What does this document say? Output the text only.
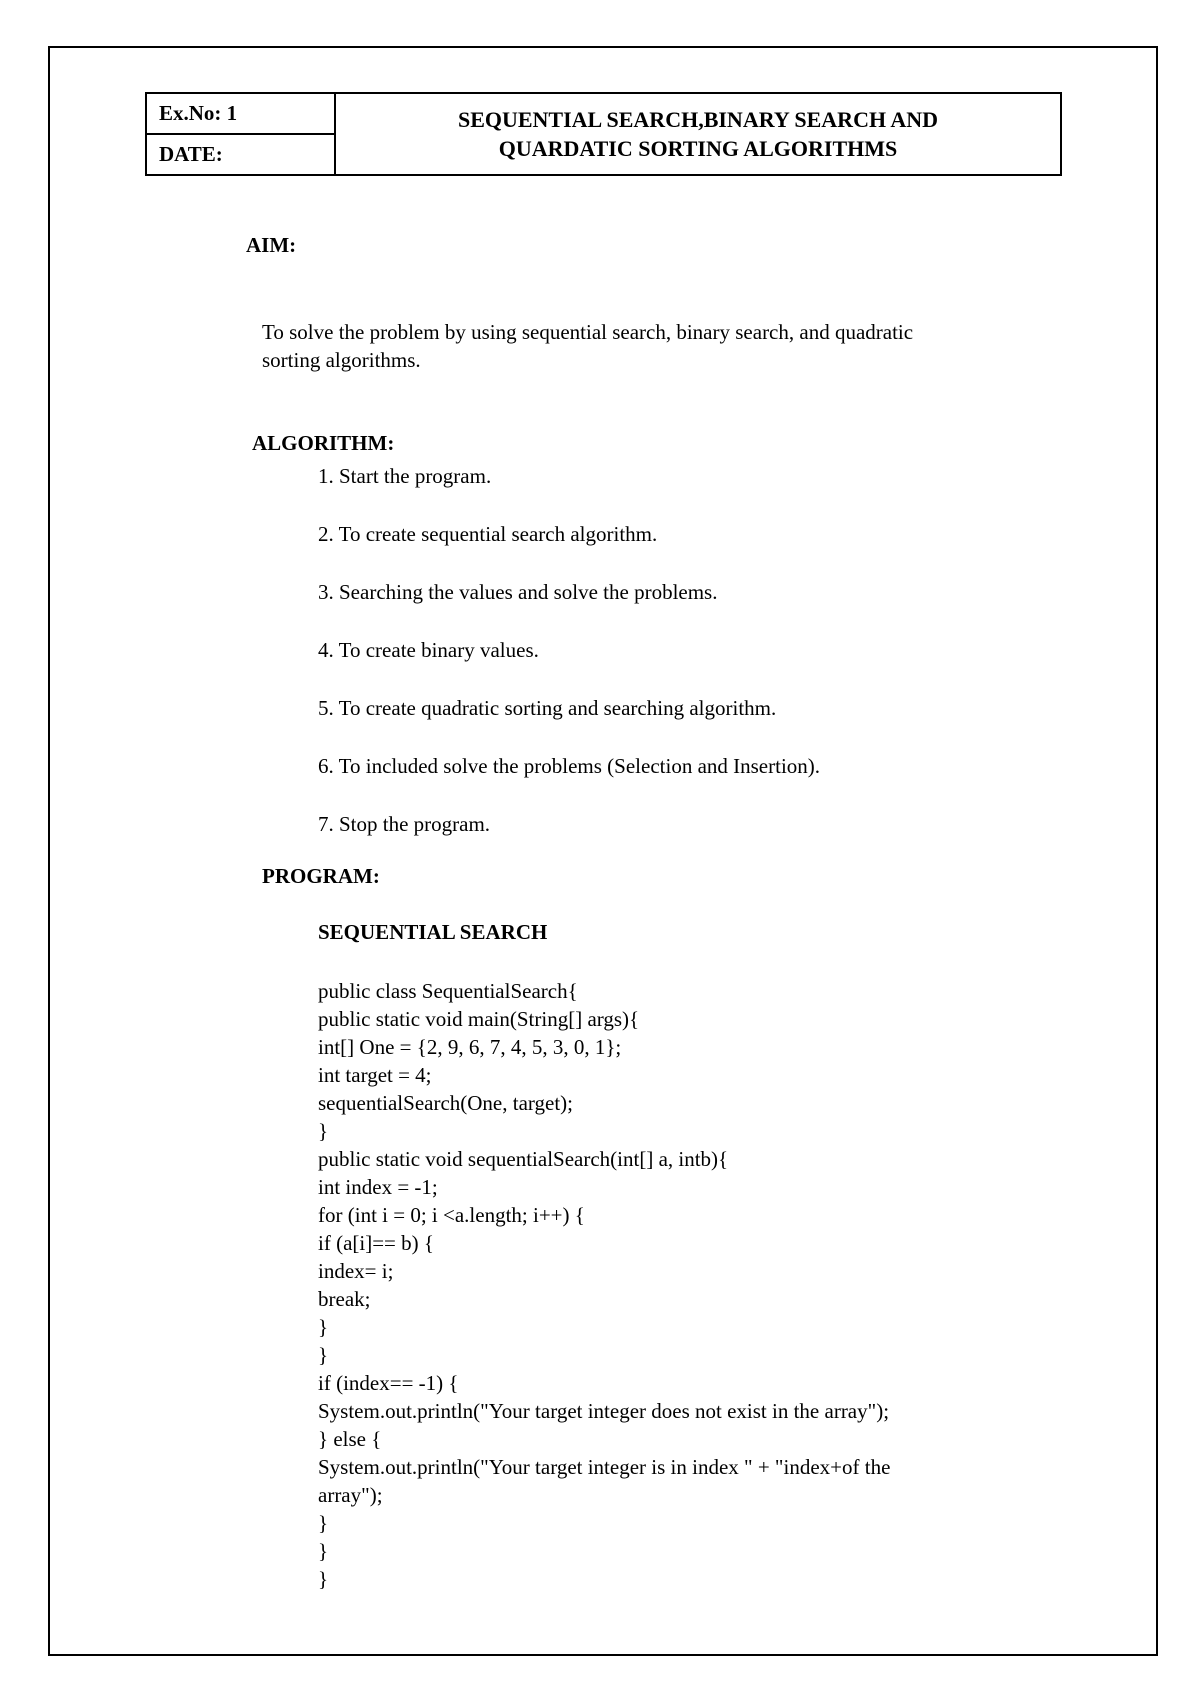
Ex.No: 1
DATE:
SEQUENTIAL SEARCH,BINARY SEARCH AND
QUARDATIC SORTING ALGORITHMS
AIM:
To solve the problem by using sequential search, binary search, and quadratic
sorting algorithms.
ALGORITHM:
1. Start the program.
2. To create sequential search algorithm.
3. Searching the values and solve the problems.
4. To create binary values.
5. To create quadratic sorting and searching algorithm.
6. To included solve the problems (Selection and Insertion).
7. Stop the program.
PROGRAM:
SEQUENTIAL SEARCH
public class SequentialSearch{
public static void main(String[] args){
int[] One = {2, 9, 6, 7, 4, 5, 3, 0, 1};
int target = 4;
sequentialSearch(One, target);
}
public static void sequentialSearch(int[] a, intb){
int index = -1;
for (int i = 0; i <a.length; i++) {
if (a[i]== b) {
index= i;
break;
}
}
if (index== -1) {
System.out.println("Your target integer does not exist in the array");
} else {
System.out.println("Your target integer is in index " + "index+of the
array");
}
}
}
